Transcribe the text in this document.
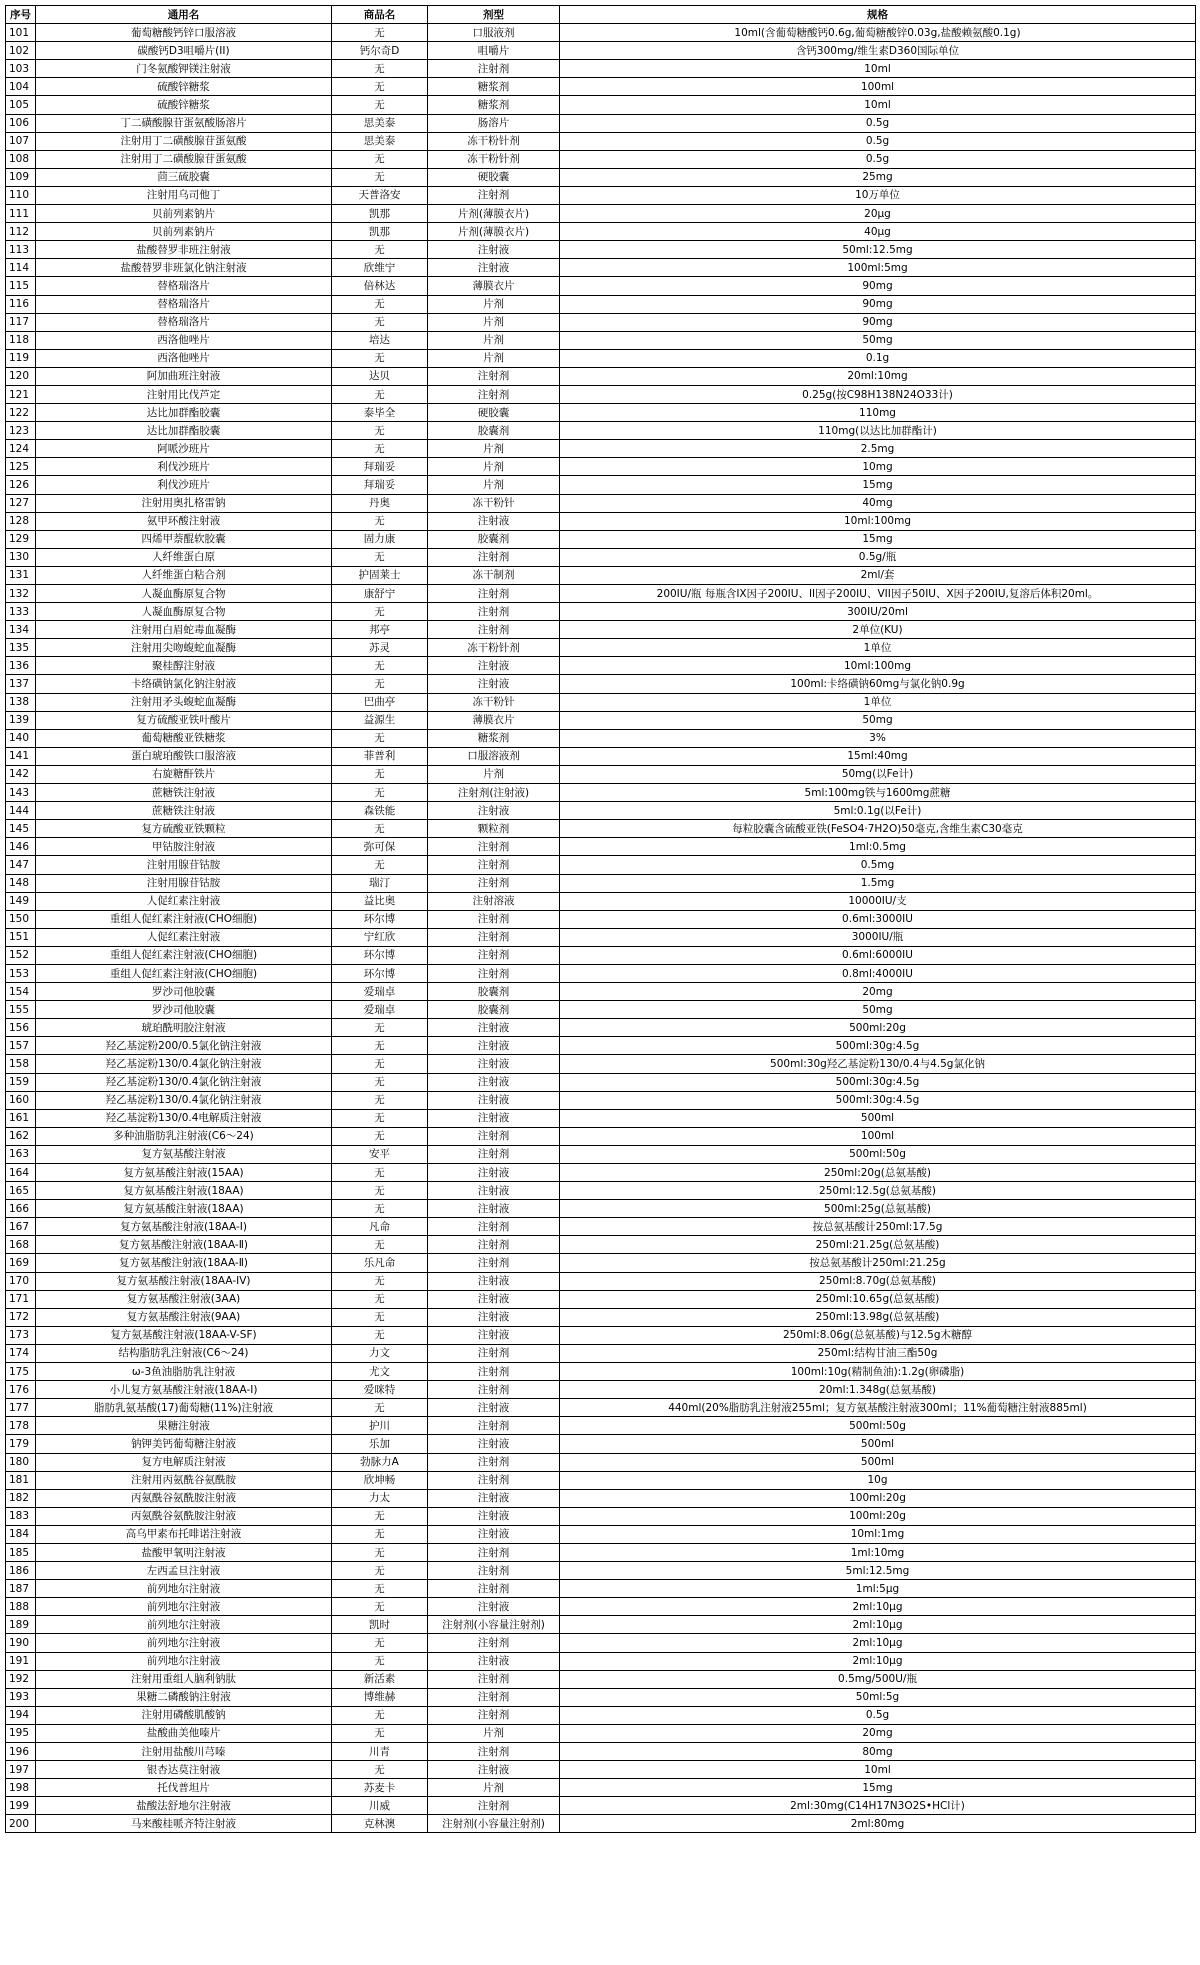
序号	通用名	商品名	剂型	规格
101	葡萄糖酸钙锌口服溶液	无	口服液剂	10ml(含葡萄糖酸钙0.6g,葡萄糖酸锌0.03g,盐酸赖氨酸0.1g)
102	碳酸钙D3咀嚼片(II)	钙尔奇D	咀嚼片	含钙300mg/维生素D360国际单位
103	门冬氨酸钾镁注射液	无	注射剂	10ml
104	硫酸锌糖浆	无	糖浆剂	100ml
105	硫酸锌糖浆	无	糖浆剂	10ml
106	丁二磺酸腺苷蛋氨酸肠溶片	思美泰	肠溶片	0.5g
107	注射用丁二磺酸腺苷蛋氨酸	思美泰	冻干粉针剂	0.5g
108	注射用丁二磺酸腺苷蛋氨酸	无	冻干粉针剂	0.5g
109	茴三硫胶囊	无	硬胶囊	25mg
110	注射用乌司他丁	天普洛安	注射剂	10万单位
111	贝前列素钠片	凯那	片剂(薄膜衣片)	20μg
112	贝前列素钠片	凯那	片剂(薄膜衣片)	40μg
113	盐酸替罗非班注射液	无	注射液	50ml:12.5mg
114	盐酸替罗非班氯化钠注射液	欣维宁	注射液	100ml:5mg
115	替格瑞洛片	倍林达	薄膜衣片	90mg
116	替格瑞洛片	无	片剂	90mg
117	替格瑞洛片	无	片剂	90mg
118	西洛他唑片	培达	片剂	50mg
119	西洛他唑片	无	片剂	0.1g
120	阿加曲班注射液	达贝	注射剂	20ml:10mg
121	注射用比伐芦定	无	注射剂	0.25g(按C98H138N24O33计)
122	达比加群酯胶囊	泰毕全	硬胶囊	110mg
123	达比加群酯胶囊	无	胶囊剂	110mg(以达比加群酯计)
124	阿哌沙班片	无	片剂	2.5mg
125	利伐沙班片	拜瑞妥	片剂	10mg
126	利伐沙班片	拜瑞妥	片剂	15mg
127	注射用奥扎格雷钠	丹奥	冻干粉针	40mg
128	氨甲环酸注射液	无	注射液	10ml:100mg
129	四烯甲萘醌软胶囊	固力康	胶囊剂	15mg
130	人纤维蛋白原	无	注射剂	0.5g/瓶
131	人纤维蛋白粘合剂	护固莱士	冻干制剂	2ml/套
132	人凝血酶原复合物	康舒宁	注射剂	200IU/瓶 每瓶含IX因子200IU、II因子200IU、VII因子50IU、X因子200IU,复溶后体积20ml。
133	人凝血酶原复合物	无	注射剂	300IU/20ml
134	注射用白眉蛇毒血凝酶	邦亭	注射剂	2单位(KU)
135	注射用尖吻蝮蛇血凝酶	苏灵	冻干粉针剂	1单位
136	聚桂醇注射液	无	注射液	10ml:100mg
137	卡络磺钠氯化钠注射液	无	注射液	100ml:卡络磺钠60mg与氯化钠0.9g
138	注射用矛头蝮蛇血凝酶	巴曲亭	冻干粉针	1单位
139	复方硫酸亚铁叶酸片	益源生	薄膜衣片	50mg
140	葡萄糖酸亚铁糖浆	无	糖浆剂	3%
141	蛋白琥珀酸铁口服溶液	菲普利	口服溶液剂	15ml:40mg
142	右旋糖酐铁片	无	片剂	50mg(以Fe计)
143	蔗糖铁注射液	无	注射剂(注射液)	5ml:100mg铁与1600mg蔗糖
144	蔗糖铁注射液	森铁能	注射液	5ml:0.1g(以Fe计)
145	复方硫酸亚铁颗粒	无	颗粒剂	每粒胶囊含硫酸亚铁(FeSO4·7H2O)50毫克,含维生素C30毫克
146	甲钴胺注射液	弥可保	注射剂	1ml:0.5mg
147	注射用腺苷钴胺	无	注射剂	0.5mg
148	注射用腺苷钴胺	瑞汀	注射剂	1.5mg
149	人促红素注射液	益比奥	注射溶液	10000IU/支
150	重组人促红素注射液(CHO细胞)	环尔博	注射剂	0.6ml:3000IU
151	人促红素注射液	宁红欣	注射剂	3000IU/瓶
152	重组人促红素注射液(CHO细胞)	环尔博	注射剂	0.6ml:6000IU
153	重组人促红素注射液(CHO细胞)	环尔博	注射剂	0.8ml:4000IU
154	罗沙司他胶囊	爱瑞卓	胶囊剂	20mg
155	罗沙司他胶囊	爱瑞卓	胶囊剂	50mg
156	琥珀酰明胶注射液	无	注射液	500ml:20g
157	羟乙基淀粉200/0.5氯化钠注射液	无	注射液	500ml:30g:4.5g
158	羟乙基淀粉130/0.4氯化钠注射液	无	注射液	500ml:30g羟乙基淀粉130/0.4与4.5g氯化钠
159	羟乙基淀粉130/0.4氯化钠注射液	无	注射液	500ml:30g:4.5g
160	羟乙基淀粉130/0.4氯化钠注射液	无	注射液	500ml:30g:4.5g
161	羟乙基淀粉130/0.4电解质注射液	无	注射液	500ml
162	多种油脂肪乳注射液(C6～24)	无	注射剂	100ml
163	复方氨基酸注射液	安平	注射剂	500ml:50g
164	复方氨基酸注射液(15AA)	无	注射液	250ml:20g(总氨基酸)
165	复方氨基酸注射液(18AA)	无	注射液	250ml:12.5g(总氨基酸)
166	复方氨基酸注射液(18AA)	无	注射液	500ml:25g(总氨基酸)
167	复方氨基酸注射液(18AA-Ⅰ)	凡命	注射剂	按总氨基酸计250ml:17.5g
168	复方氨基酸注射液(18AA-Ⅱ)	无	注射剂	250ml:21.25g(总氨基酸)
169	复方氨基酸注射液(18AA-Ⅱ)	乐凡命	注射剂	按总氨基酸计250ml:21.25g
170	复方氨基酸注射液(18AA-IV)	无	注射液	250ml:8.70g(总氨基酸)
171	复方氨基酸注射液(3AA)	无	注射液	250ml:10.65g(总氨基酸)
172	复方氨基酸注射液(9AA)	无	注射液	250ml:13.98g(总氨基酸)
173	复方氨基酸注射液(18AA-V-SF)	无	注射液	250ml:8.06g(总氨基酸)与12.5g木糖醇
174	结构脂肪乳注射液(C6～24)	力文	注射剂	250ml:结构甘油三酯50g
175	ω-3鱼油脂肪乳注射液	尤文	注射剂	100ml:10g(精制鱼油):1.2g(卵磷脂)
176	小儿复方氨基酸注射液(18AA-Ⅰ)	爱咪特	注射剂	20ml:1.348g(总氨基酸)
177	脂肪乳氨基酸(17)葡萄糖(11%)注射液	无	注射液	440ml(20%脂肪乳注射液255ml；复方氨基酸注射液300ml；11%葡萄糖注射液885ml)
178	果糖注射液	护川	注射剂	500ml:50g
179	钠钾美钙葡萄糖注射液	乐加	注射液	500ml
180	复方电解质注射液	勃脉力A	注射剂	500ml
181	注射用丙氨酰谷氨酰胺	欣坤畅	注射剂	10g
182	丙氨酰谷氨酰胺注射液	力太	注射液	100ml:20g
183	丙氨酰谷氨酰胺注射液	无	注射液	100ml:20g
184	高乌甲素布托啡诺注射液	无	注射液	10ml:1mg
185	盐酸甲氧明注射液	无	注射剂	1ml:10mg
186	左西孟旦注射液	无	注射剂	5ml:12.5mg
187	前列地尔注射液	无	注射剂	1ml:5μg
188	前列地尔注射液	无	注射液	2ml:10μg
189	前列地尔注射液	凯时	注射剂(小容量注射剂)	2ml:10μg
190	前列地尔注射液	无	注射剂	2ml:10μg
191	前列地尔注射液	无	注射液	2ml:10μg
192	注射用重组人脑利钠肽	新活素	注射剂	0.5mg/500U/瓶
193	果糖二磷酸钠注射液	博维赫	注射剂	50ml:5g
194	注射用磷酸肌酸钠	无	注射剂	0.5g
195	盐酸曲美他嗪片	无	片剂	20mg
196	注射用盐酸川芎嗪	川青	注射剂	80mg
197	银杏达莫注射液	无	注射液	10ml
198	托伐普坦片	苏麦卡	片剂	15mg
199	盐酸法舒地尔注射液	川威	注射剂	2ml:30mg(C14H17N3O2S•HCl计)
200	马来酸桂哌齐特注射液	克林澳	注射剂(小容量注射剂)	2ml:80mg
